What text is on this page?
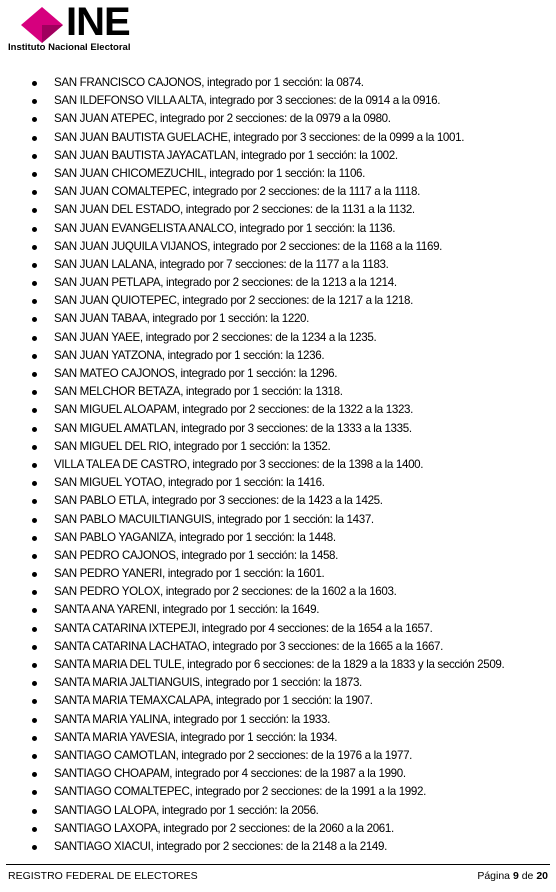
INE
Instituto Nacional Electoral
SAN FRANCISCO CAJONOS, integrado por 1 sección: la 0874.
SAN ILDEFONSO VILLA ALTA, integrado por 3 secciones: de la 0914 a la 0916.
SAN JUAN ATEPEC, integrado por 2 secciones: de la 0979 a la 0980.
SAN JUAN BAUTISTA GUELACHE, integrado por 3 secciones: de la 0999 a la 1001.
SAN JUAN BAUTISTA JAYACATLAN, integrado por 1 sección: la 1002.
SAN JUAN CHICOMEZUCHIL, integrado por 1 sección: la 1106.
SAN JUAN COMALTEPEC, integrado por 2 secciones: de la 1117 a la 1118.
SAN JUAN DEL ESTADO, integrado por 2 secciones: de la 1131 a la 1132.
SAN JUAN EVANGELISTA ANALCO, integrado por 1 sección: la 1136.
SAN JUAN JUQUILA VIJANOS, integrado por 2 secciones: de la 1168 a la 1169.
SAN JUAN LALANA, integrado por 7 secciones: de la 1177 a la 1183.
SAN JUAN PETLAPA, integrado por 2 secciones: de la 1213 a la 1214.
SAN JUAN QUIOTEPEC, integrado por 2 secciones: de la 1217 a la 1218.
SAN JUAN TABAA, integrado por 1 sección: la 1220.
SAN JUAN YAEE, integrado por 2 secciones: de la 1234 a la 1235.
SAN JUAN YATZONA, integrado por 1 sección: la 1236.
SAN MATEO CAJONOS, integrado por 1 sección: la 1296.
SAN MELCHOR BETAZA, integrado por 1 sección: la 1318.
SAN MIGUEL ALOAPAM, integrado por 2 secciones: de la 1322 a la 1323.
SAN MIGUEL AMATLAN, integrado por 3 secciones: de la 1333 a la 1335.
SAN MIGUEL DEL RIO, integrado por 1 sección: la 1352.
VILLA TALEA DE CASTRO, integrado por 3 secciones: de la 1398 a la 1400.
SAN MIGUEL YOTAO, integrado por 1 sección: la 1416.
SAN PABLO ETLA, integrado por 3 secciones: de la 1423 a la 1425.
SAN PABLO MACUILTIANGUIS, integrado por 1 sección: la 1437.
SAN PABLO YAGANIZA, integrado por 1 sección: la 1448.
SAN PEDRO CAJONOS, integrado por 1 sección: la 1458.
SAN PEDRO YANERI, integrado por 1 sección: la 1601.
SAN PEDRO YOLOX, integrado por 2 secciones: de la 1602 a la 1603.
SANTA ANA YARENI, integrado por 1 sección: la 1649.
SANTA CATARINA IXTEPEJI, integrado por 4 secciones: de la 1654 a la 1657.
SANTA CATARINA LACHATAO, integrado por 3 secciones: de la 1665 a la 1667.
SANTA MARIA DEL TULE, integrado por 6 secciones: de la 1829 a la 1833 y la sección 2509.
SANTA MARIA JALTIANGUIS, integrado por 1 sección: la 1873.
SANTA MARIA TEMAXCALAPA, integrado por 1 sección: la 1907.
SANTA MARIA YALINA, integrado por 1 sección: la 1933.
SANTA MARIA YAVESIA, integrado por 1 sección: la 1934.
SANTIAGO CAMOTLAN, integrado por 2 secciones: de la 1976 a la 1977.
SANTIAGO CHOAPAM, integrado por 4 secciones: de la 1987 a la 1990.
SANTIAGO COMALTEPEC, integrado por 2 secciones: de la 1991 a la 1992.
SANTIAGO LALOPA, integrado por 1 sección: la 2056.
SANTIAGO LAXOPA, integrado por 2 secciones: de la 2060 a la 2061.
SANTIAGO XIACUI, integrado por 2 secciones: de la 2148 a la 2149.
REGISTRO FEDERAL DE ELECTORES	Página 9 de 20
